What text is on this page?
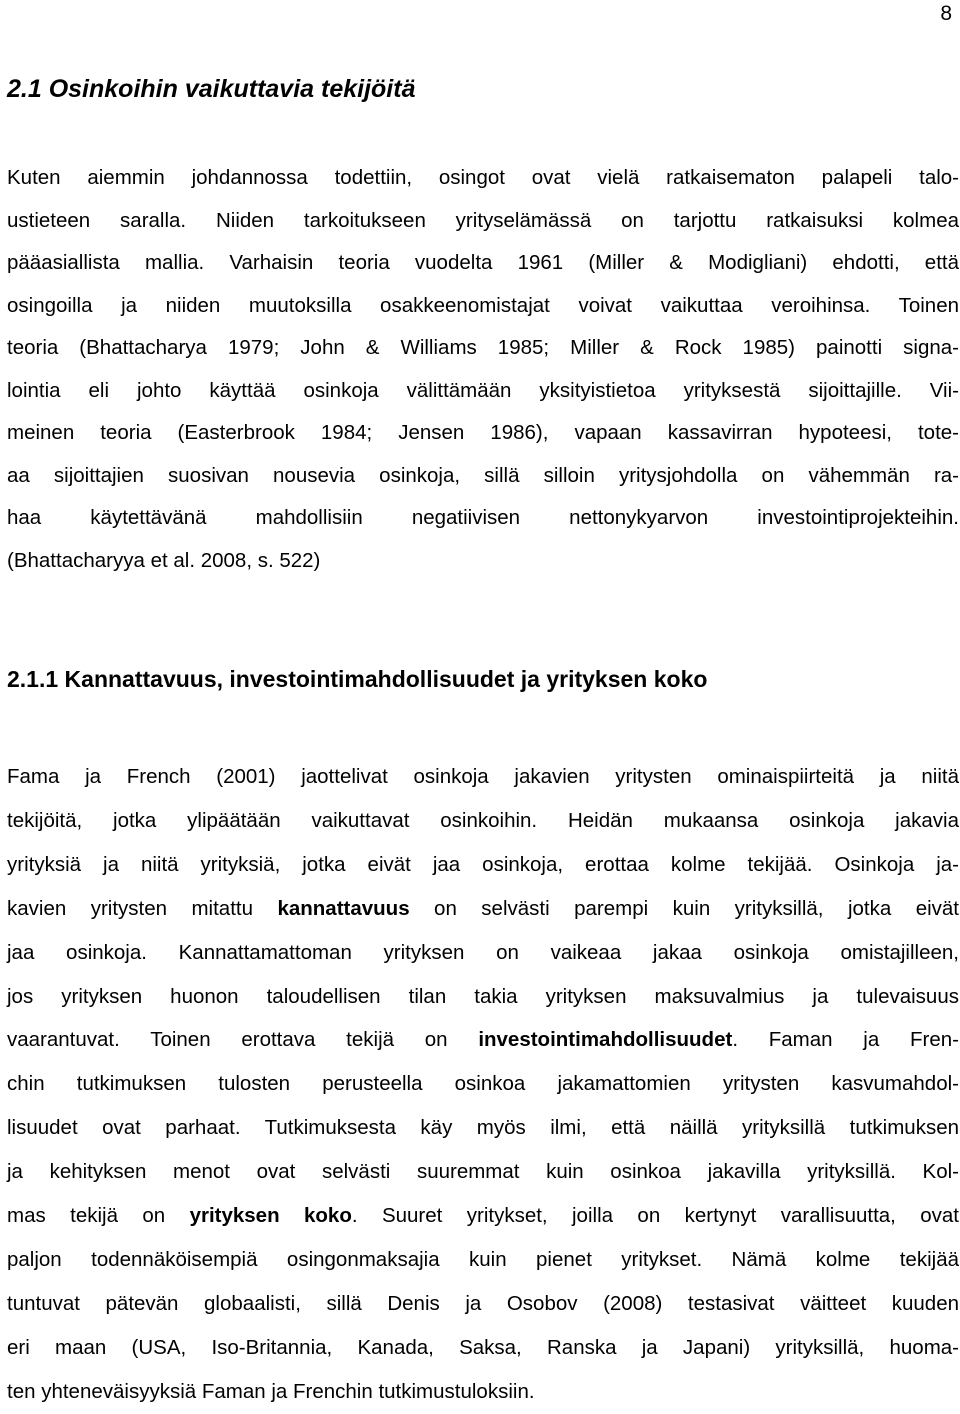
8
2.1 Osinkoihin vaikuttavia tekijöitä
Kuten aiemmin johdannossa todettiin, osingot ovat vielä ratkaisematon palapeli talo-
ustieteen saralla. Niiden tarkoitukseen yrityselämässä on tarjottu ratkaisuksi kolmea
pääasiallista mallia. Varhaisin teoria vuodelta 1961 (Miller & Modigliani) ehdotti, että
osingoilla ja niiden muutoksilla osakkeenomistajat voivat vaikuttaa veroihinsa. Toinen
teoria (Bhattacharya 1979; John & Williams 1985; Miller & Rock 1985) painotti signa-
lointia eli johto käyttää osinkoja välittämään yksityistietoa yrityksestä sijoittajille. Vii-
meinen teoria (Easterbrook 1984; Jensen 1986), vapaan kassavirran hypoteesi, tote-
aa sijoittajien suosivan nousevia osinkoja, sillä silloin yritysjohdolla on vähemmän ra-
haa käytettävänä mahdollisiin negatiivisen nettonykyarvon investointiprojekteihin.
(Bhattacharyya et al. 2008, s. 522)
2.1.1 Kannattavuus, investointimahdollisuudet ja yrityksen koko
Fama ja French (2001) jaottelivat osinkoja jakavien yritysten ominaispiirteitä ja niitä
tekijöitä, jotka ylipäätään vaikuttavat osinkoihin. Heidän mukaansa osinkoja jakavia
yrityksiä ja niitä yrityksiä, jotka eivät jaa osinkoja, erottaa kolme tekijää. Osinkoja ja-
kavien yritysten mitattu kannattavuus on selvästi parempi kuin yrityksillä, jotka eivät
jaa osinkoja. Kannattamattoman yrityksen on vaikeaa jakaa osinkoja omistajilleen,
jos yrityksen huonon taloudellisen tilan takia yrityksen maksuvalmius ja tulevaisuus
vaarantuvat. Toinen erottava tekijä on investointimahdollisuudet. Faman ja Fren-
chin tutkimuksen tulosten perusteella osinkoa jakamattomien yritysten kasvumahdol-
lisuudet ovat parhaat. Tutkimuksesta käy myös ilmi, että näillä yrityksillä tutkimuksen
ja kehityksen menot ovat selvästi suuremmat kuin osinkoa jakavilla yrityksillä. Kol-
mas tekijä on yrityksen koko. Suuret yritykset, joilla on kertynyt varallisuutta, ovat
paljon todennäköisempiä osingonmaksajia kuin pienet yritykset. Nämä kolme tekijää
tuntuvat pätevän globaalisti, sillä Denis ja Osobov (2008) testasivat väitteet kuuden
eri maan (USA, Iso-Britannia, Kanada, Saksa, Ranska ja Japani) yrityksillä, huoma-
ten yhteneväisyyksiä Faman ja Frenchin tutkimustuloksiin.
